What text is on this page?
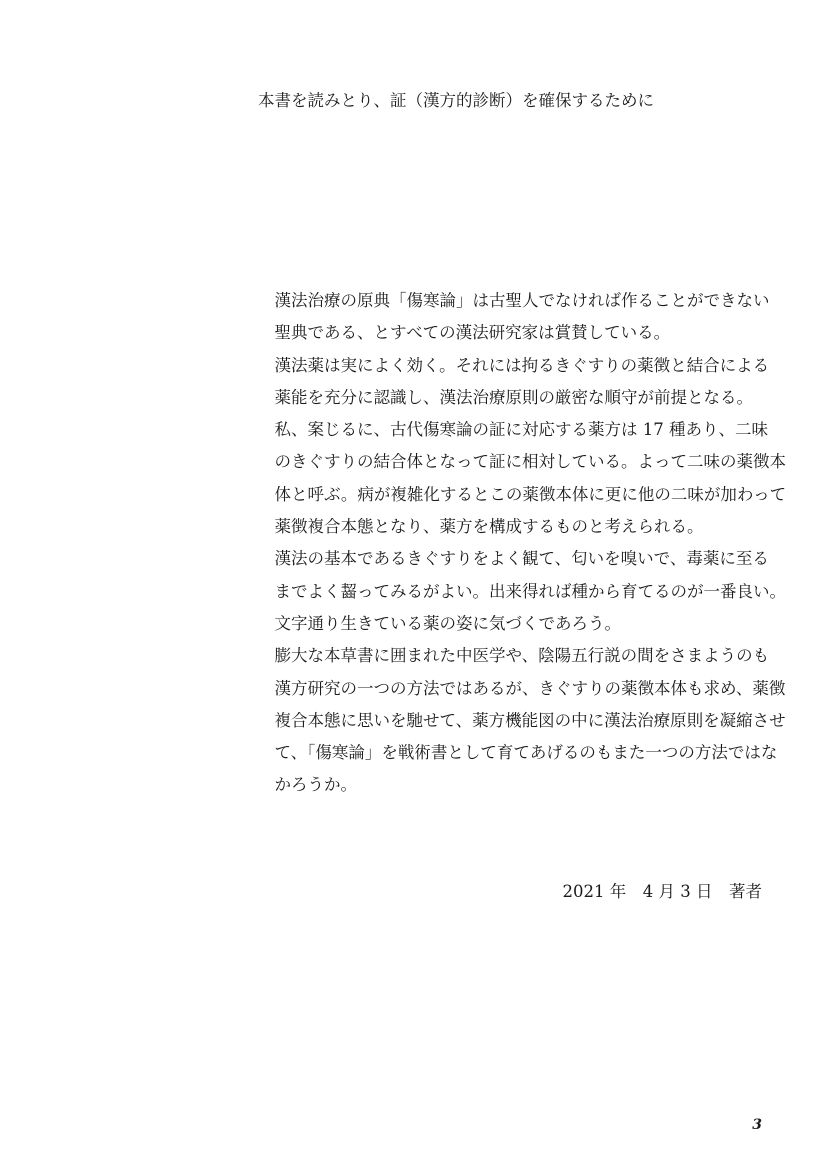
本書を読みとり、証（漢方的診断）を確保するために

漢法治療の原典「傷寒論」は古聖人でなければ作ることができない
聖典である、とすべての漢法研究家は賞賛している。

漢法薬は実によく効く。それには拘るきぐすりの薬徴と結合による
薬能を充分に認識し、漢法治療原則の厳密な順守が前提となる。

私、案じるに、古代傷寒論の証に対応する薬方は 17 種あり、二味
のきぐすりの結合体となって証に相対している。よって二味の薬徴本
体と呼ぶ。病が複雑化するとこの薬徴本体に更に他の二味が加わって
薬徴複合本態となり、薬方を構成するものと考えられる。

漢法の基本であるきぐすりをよく観て、匂いを嗅いで、毒薬に至る
までよく齧ってみるがよい。出来得れば種から育てるのが一番良い。
文字通り生きている薬の姿に気づくであろう。

膨大な本草書に囲まれた中医学や、陰陽五行説の間をさまようのも
漢方研究の一つの方法ではあるが、きぐすりの薬徴本体も求め、薬徴
複合本態に思いを馳せて、薬方機能図の中に漢法治療原則を凝縮させ
て、「傷寒論」を戦術書として育てあげるのもまた一つの方法ではな
かろうか。

2021 年　4 月 3 日　著者
3
